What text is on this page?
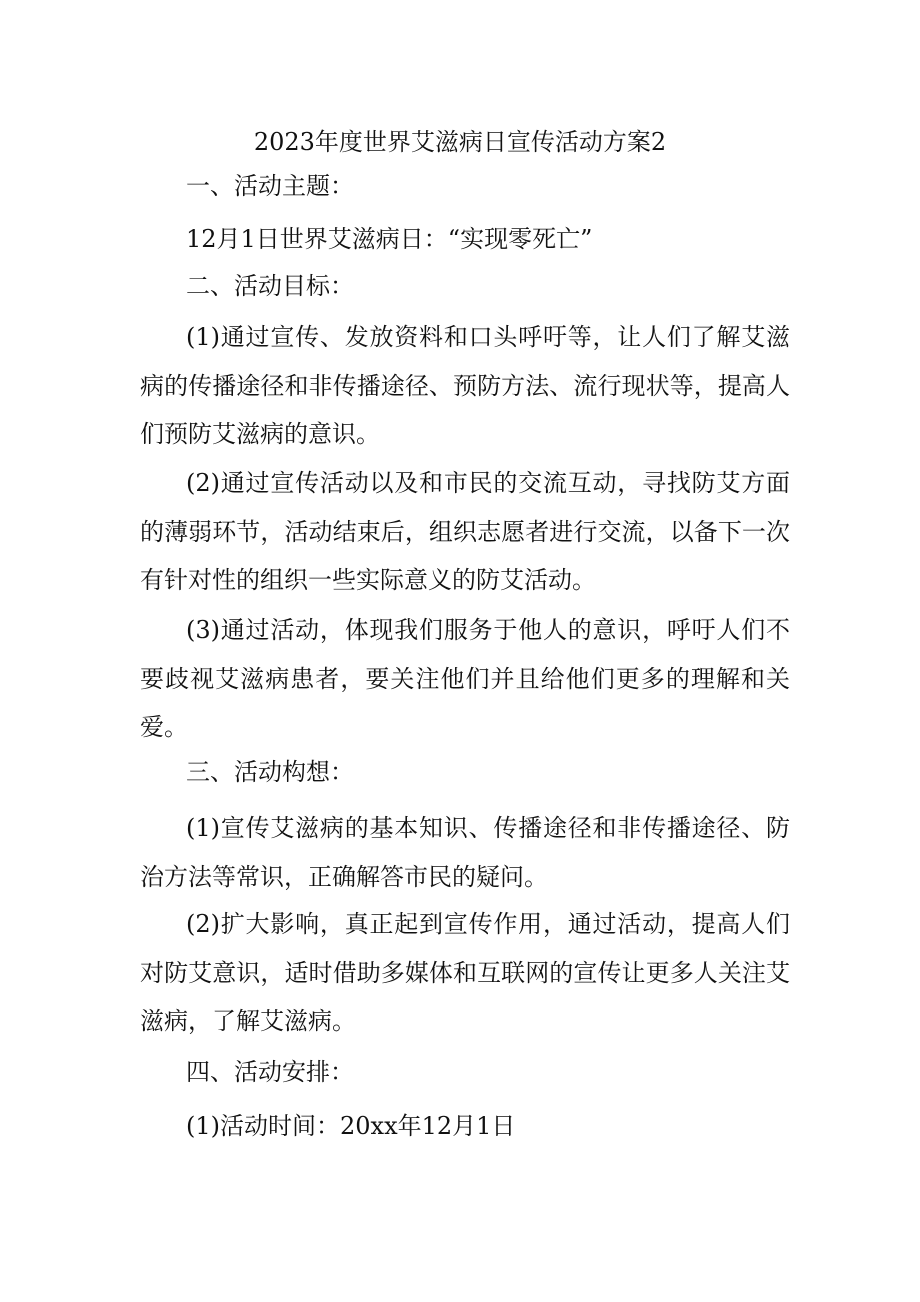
2023年度世界艾滋病日宣传活动方案2
一、活动主题：
12月1日世界艾滋病日：“实现零死亡”
二、活动目标：
(1)通过宣传、发放资料和口头呼吁等，让人们了解艾滋病的传播途径和非传播途径、预防方法、流行现状等，提高人们预防艾滋病的意识。
(2)通过宣传活动以及和市民的交流互动，寻找防艾方面的薄弱环节，活动结束后，组织志愿者进行交流，以备下一次有针对性的组织一些实际意义的防艾活动。
(3)通过活动，体现我们服务于他人的意识，呼吁人们不要歧视艾滋病患者，要关注他们并且给他们更多的理解和关爱。
三、活动构想：
(1)宣传艾滋病的基本知识、传播途径和非传播途径、防治方法等常识，正确解答市民的疑问。
(2)扩大影响，真正起到宣传作用，通过活动，提高人们对防艾意识，适时借助多媒体和互联网的宣传让更多人关注艾滋病，了解艾滋病。
四、活动安排：
(1)活动时间：20xx年12月1日
